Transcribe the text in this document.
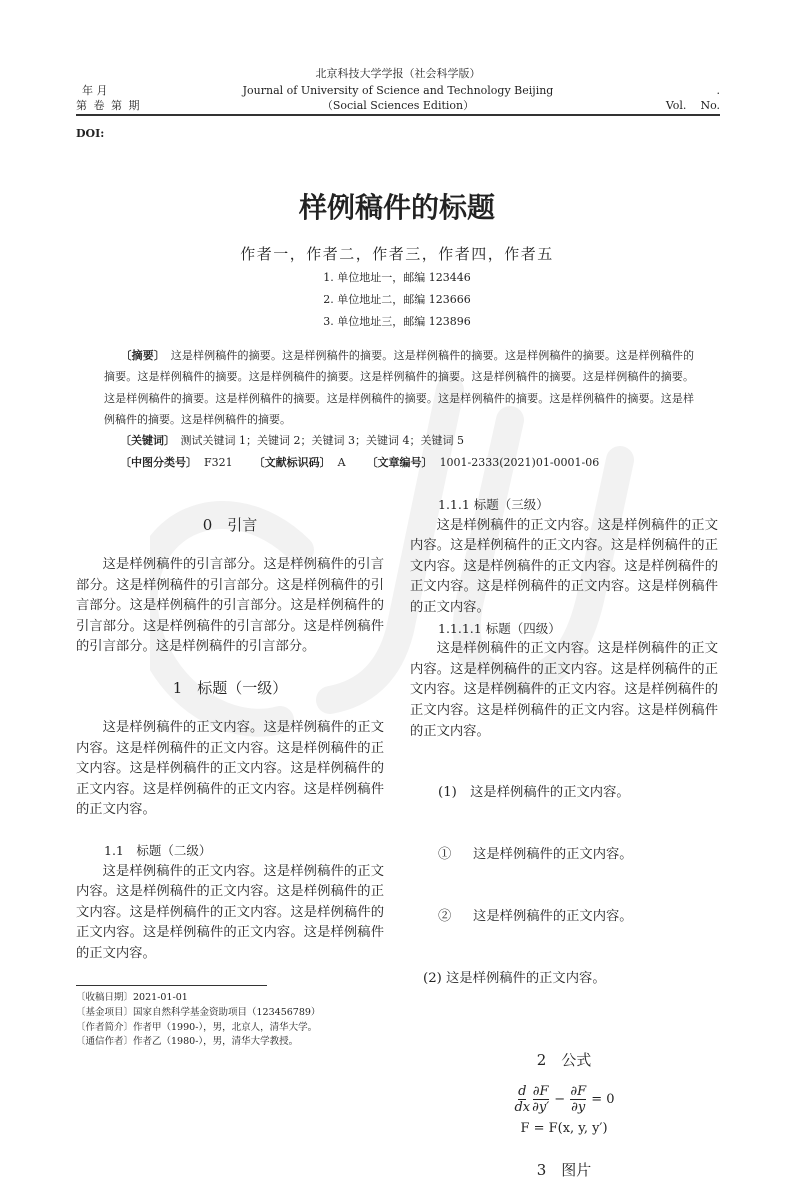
年 月
第 卷 第 期
北京科技大学学报（社会科学版）
Journal of University of Science and Technology Beijing
（Social Sciences Edition）
.
Vol. No.
DOI:
样例稿件的标题
作者一，作者二，作者三，作者四，作者五
1. 单位地址一，邮编 123446
2. 单位地址二，邮编 123666
3. 单位地址三，邮编 123896
〔摘要〕　 这是样例稿件的摘要。这是样例稿件的摘要。这是样例稿件的摘要。这是样例稿件的摘要。这是样例稿件的摘要。这是样例稿件的摘要。这是样例稿件的摘要。这是样例稿件的摘要。这是样例稿件的摘要。这是样例稿件的摘要。这是样例稿件的摘要。这是样例稿件的摘要。这是样例稿件的摘要。这是样例稿件的摘要。这是样例稿件的摘要。这是样例稿件的摘要。这是样例稿件的摘要。
〔关键词〕　 测试关键词 1；关键词 2；关键词 3；关键词 4；关键词 5
〔中图分类号〕 F321 〔文献标识码〕 A 〔文章编号〕 1001-2333(2021)01-0001-06
0　引言
这是样例稿件的引言部分。这是样例稿件的引言部分。这是样例稿件的引言部分。这是样例稿件的引言部分。这是样例稿件的引言部分。这是样例稿件的引言部分。这是样例稿件的引言部分。这是样例稿件的引言部分。这是样例稿件的引言部分。
1　标题（一级）
这是样例稿件的正文内容。这是样例稿件的正文内容。这是样例稿件的正文内容。这是样例稿件的正文内容。这是样例稿件的正文内容。这是样例稿件的正文内容。这是样例稿件的正文内容。这是样例稿件的正文内容。
1.1　标题（二级）
这是样例稿件的正文内容。这是样例稿件的正文内容。这是样例稿件的正文内容。这是样例稿件的正文内容。这是样例稿件的正文内容。这是样例稿件的正文内容。这是样例稿件的正文内容。这是样例稿件的正文内容。
1.1.1 标题（三级）
这是样例稿件的正文内容。这是样例稿件的正文内容。这是样例稿件的正文内容。这是样例稿件的正文内容。这是样例稿件的正文内容。这是样例稿件的正文内容。这是样例稿件的正文内容。这是样例稿件的正文内容。
1.1.1.1 标题（四级）
这是样例稿件的正文内容。这是样例稿件的正文内容。这是样例稿件的正文内容。这是样例稿件的正文内容。这是样例稿件的正文内容。这是样例稿件的正文内容。这是样例稿件的正文内容。这是样例稿件的正文内容。

(1)　这是样例稿件的正文内容。

①　  这是样例稿件的正文内容。

②　  这是样例稿件的正文内容。

(2) 这是样例稿件的正文内容。

2　公式
$\frac{d}{dx} \frac{\partial F}{\partial y'} - \frac{\partial F}{\partial y} = 0$
F = F(x, y, y′)
3　图片
〔收稿日期〕2021-01-01
〔基金项目〕国家自然科学基金资助项目（123456789）
〔作者简介〕作者甲（1990-），男，北京人，清华大学。
〔通信作者〕作者乙（1980-），男，清华大学教授。
